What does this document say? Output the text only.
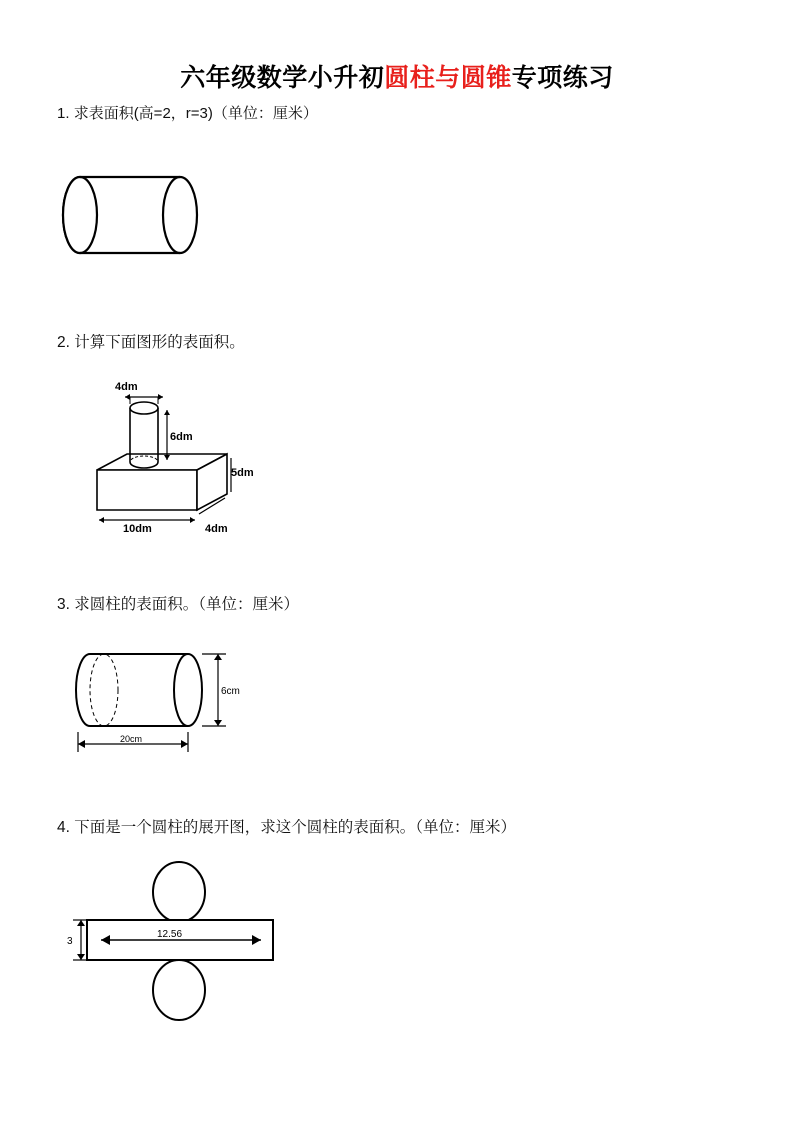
六年级数学小升初圆柱与圆锥专项练习
1. 求表面积(高=2，r=3)（单位：厘米）
2. 计算下面图形的表面积。
4dm
6dm
5dm
10dm	4dm
3. 求圆柱的表面积。（单位：厘米）
6cm
20cm
4. 下面是一个圆柱的展开图，求这个圆柱的表面积。（单位：厘米）
12.56
3
